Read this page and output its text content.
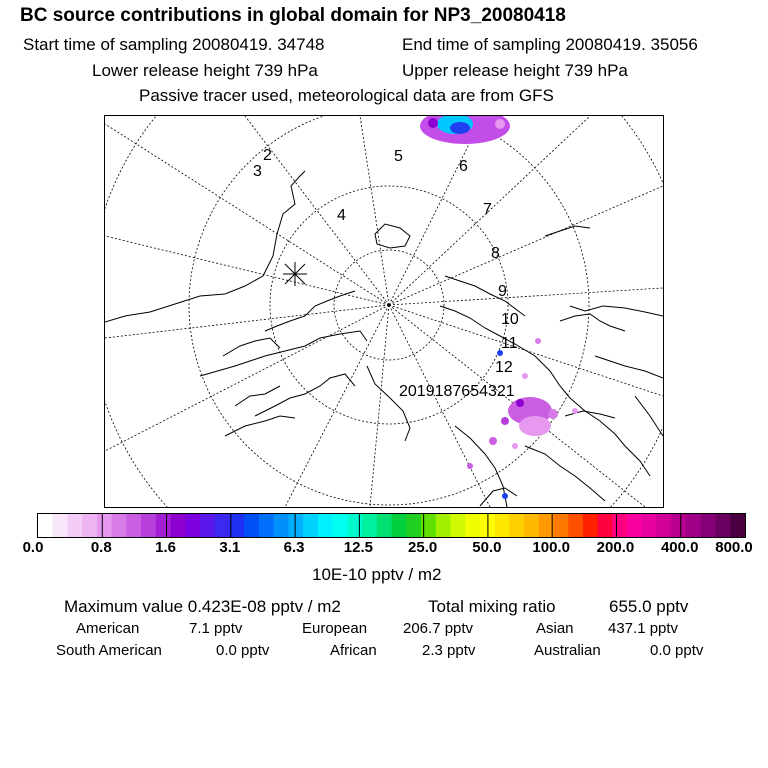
BC source contributions in global domain for NP3_20080418
Start time of sampling 20080419. 34748	End time of sampling 20080419. 35056
Lower release height 739 hPa	Upper release height 739 hPa
Passive tracer used, meteorological data are from GFS
2
3
4
5
6
7
8
9
10
11
12
2019187654321
0.0	0.8	1.6	3.1	6.3	12.5 25.0 50.0 100.0 200.0 400.0 800.0
10E-10 pptv / m2
Maximum value 0.423E-08 pptv / m2	Total mixing ratio	655.0 pptv
American	7.1 pptv	European 206.7 pptv	Asian 437.1 pptv
South American	0.0 pptv	African	2.3 pptv	Australian	0.0 pptv
